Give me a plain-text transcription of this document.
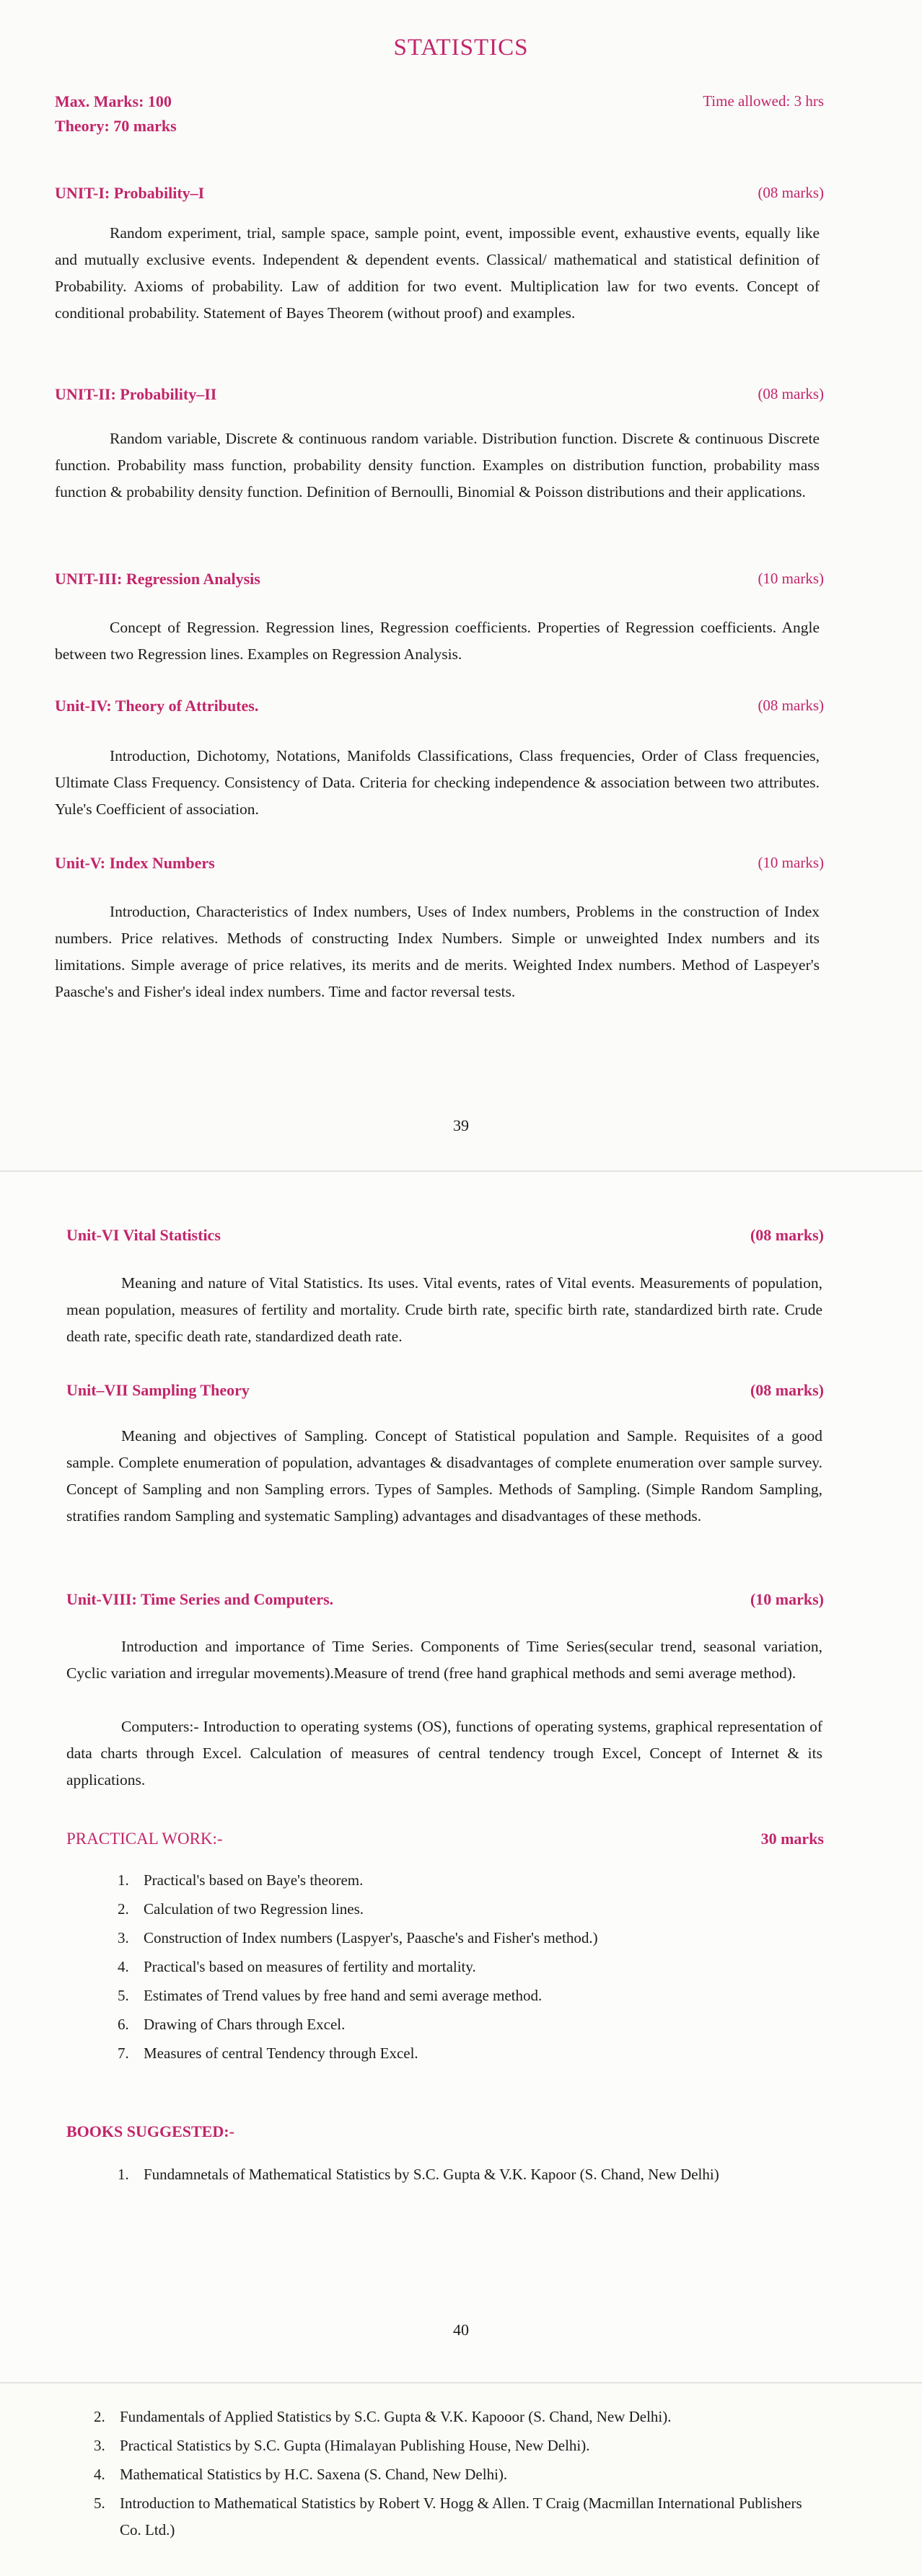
STATISTICS
Max. Marks: 100	Time allowed: 3 hrs
Theory: 70 marks
UNIT-I: Probability–I	(08 marks)

Random experiment, trial, sample space, sample point, event, impossible event, exhaustive events, equally like and mutually exclusive events. Independent & dependent events. Classical/ mathematical and statistical definition of Probability. Axioms of probability. Law of addition for two event. Multiplication law for two events. Concept of conditional probability. Statement of Bayes Theorem (without proof) and examples.

UNIT-II: Probability–II	(08 marks)

Random variable, Discrete & continuous random variable. Distribution function. Discrete & continuous Discrete function. Probability mass function, probability density function. Examples on distribution function, probability mass function & probability density function. Definition of Bernoulli, Binomial & Poisson distributions and their applications.

UNIT-III: Regression Analysis	(10 marks)

Concept of Regression. Regression lines, Regression coefficients. Properties of Regression coefficients. Angle between two Regression lines. Examples on Regression Analysis.

Unit-IV: Theory of Attributes.	(08 marks)

Introduction, Dichotomy, Notations, Manifolds Classifications, Class frequencies, Order of Class frequencies, Ultimate Class Frequency. Consistency of Data. Criteria for checking independence & association between two attributes. Yule's Coefficient of association.

Unit-V: Index Numbers	(10 marks)

Introduction, Characteristics of Index numbers, Uses of Index numbers, Problems in the construction of Index numbers. Price relatives. Methods of constructing Index Numbers. Simple or unweighted Index numbers and its limitations. Simple average of price relatives, its merits and de merits. Weighted Index numbers. Method of Laspeyer's Paasche's and Fisher's ideal index numbers. Time and factor reversal tests.

39
Unit-VI Vital Statistics	(08 marks)

Meaning and nature of Vital Statistics. Its uses. Vital events, rates of Vital events. Measurements of population, mean population, measures of fertility and mortality. Crude birth rate, specific birth rate, standardized birth rate. Crude death rate, specific death rate, standardized death rate.

Unit–VII Sampling Theory	(08 marks)

Meaning and objectives of Sampling. Concept of Statistical population and Sample. Requisites of a good sample. Complete enumeration of population, advantages & disadvantages of complete enumeration over sample survey. Concept of Sampling and non Sampling errors. Types of Samples. Methods of Sampling. (Simple Random Sampling, stratifies random Sampling and systematic Sampling) advantages and disadvantages of these methods.

Unit-VIII: Time Series and Computers.	(10 marks)

Introduction and importance of Time Series. Components of Time Series(secular trend, seasonal variation, Cyclic variation and irregular movements).Measure of trend (free hand graphical methods and semi average method).

Computers:- Introduction to operating systems (OS), functions of operating systems, graphical representation of data charts through Excel. Calculation of measures of central tendency trough Excel, Concept of Internet & its applications.

PRACTICAL WORK:-	30 marks
1. Practical's based on Baye's theorem.
2. Calculation of two Regression lines.
3. Construction of Index numbers (Laspyer's, Paasche's and Fisher's method.)
4. Practical's based on measures of fertility and mortality.
5. Estimates of Trend values by free hand and semi average method.
6. Drawing of Chars through Excel.
7. Measures of central Tendency through Excel.
BOOKS SUGGESTED:-
1. Fundamnetals of Mathematical Statistics by S.C. Gupta & V.K. Kapoor (S. Chand, New Delhi)
40
2. Fundamentals of Applied Statistics by S.C. Gupta & V.K. Kapooor (S. Chand, New Delhi).
3. Practical Statistics by S.C. Gupta (Himalayan Publishing House, New Delhi).
4. Mathematical Statistics by H.C. Saxena (S. Chand, New Delhi).
5. Introduction to Mathematical Statistics by Robert V. Hogg & Allen. T Craig (Macmillan International Publishers Co. Ltd.)
